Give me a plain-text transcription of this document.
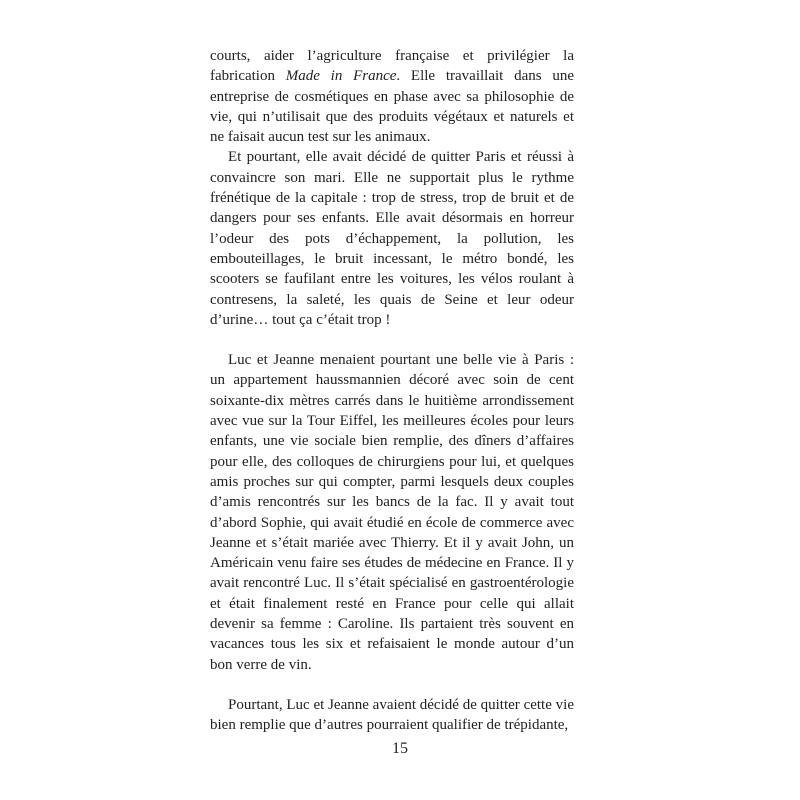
courts, aider l’agriculture française et privilégier la fabrication Made in France. Elle travaillait dans une entreprise de cosmétiques en phase avec sa philosophie de vie, qui n’utilisait que des produits végétaux et naturels et ne faisait aucun test sur les animaux.

Et pourtant, elle avait décidé de quitter Paris et réussi à convaincre son mari. Elle ne supportait plus le rythme frénétique de la capitale : trop de stress, trop de bruit et de dangers pour ses enfants. Elle avait désormais en horreur l’odeur des pots d’échappement, la pollution, les embouteillages, le bruit incessant, le métro bondé, les scooters se faufilant entre les voitures, les vélos roulant à contresens, la saleté, les quais de Seine et leur odeur d’urine… tout ça c’était trop !

Luc et Jeanne menaient pourtant une belle vie à Paris : un appartement haussmannien décoré avec soin de cent soixante-dix mètres carrés dans le huitième arrondissement avec vue sur la Tour Eiffel, les meilleures écoles pour leurs enfants, une vie sociale bien remplie, des dîners d’affaires pour elle, des colloques de chirurgiens pour lui, et quelques amis proches sur qui compter, parmi lesquels deux couples d’amis rencontrés sur les bancs de la fac. Il y avait tout d’abord Sophie, qui avait étudié en école de commerce avec Jeanne et s’était mariée avec Thierry. Et il y avait John, un Américain venu faire ses études de médecine en France. Il y avait rencontré Luc. Il s’était spécialisé en gastroentérologie et était finalement resté en France pour celle qui allait devenir sa femme : Caroline. Ils partaient très souvent en vacances tous les six et refaisaient le monde autour d’un bon verre de vin.

Pourtant, Luc et Jeanne avaient décidé de quitter cette vie bien remplie que d’autres pourraient qualifier de trépidante,

15
